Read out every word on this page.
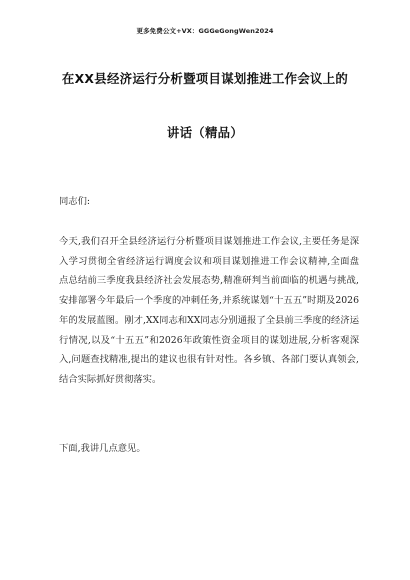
更多免费公文+VX：GGGeGongWen2024
在XX县经济运行分析暨项目谋划推进工作会议上的
讲话（精品）
同志们:
今天,我们召开全县经济运行分析暨项目谋划推进工作会议,主要任务是深入学习贯彻全省经济运行调度会议和项目谋划推进工作会议精神,全面盘点总结前三季度我县经济社会发展态势,精准研判当前面临的机遇与挑战,安排部署今年最后一个季度的冲刺任务,并系统谋划“十五五”时期及2026年的发展蓝图。刚才,XX同志和XX同志分别通报了全县前三季度的经济运行情况,以及“十五五”和2026年政策性资金项目的谋划进展,分析客观深入,问题查找精准,提出的建议也很有针对性。各乡镇、各部门要认真领会,结合实际抓好贯彻落实。
下面,我讲几点意见。
